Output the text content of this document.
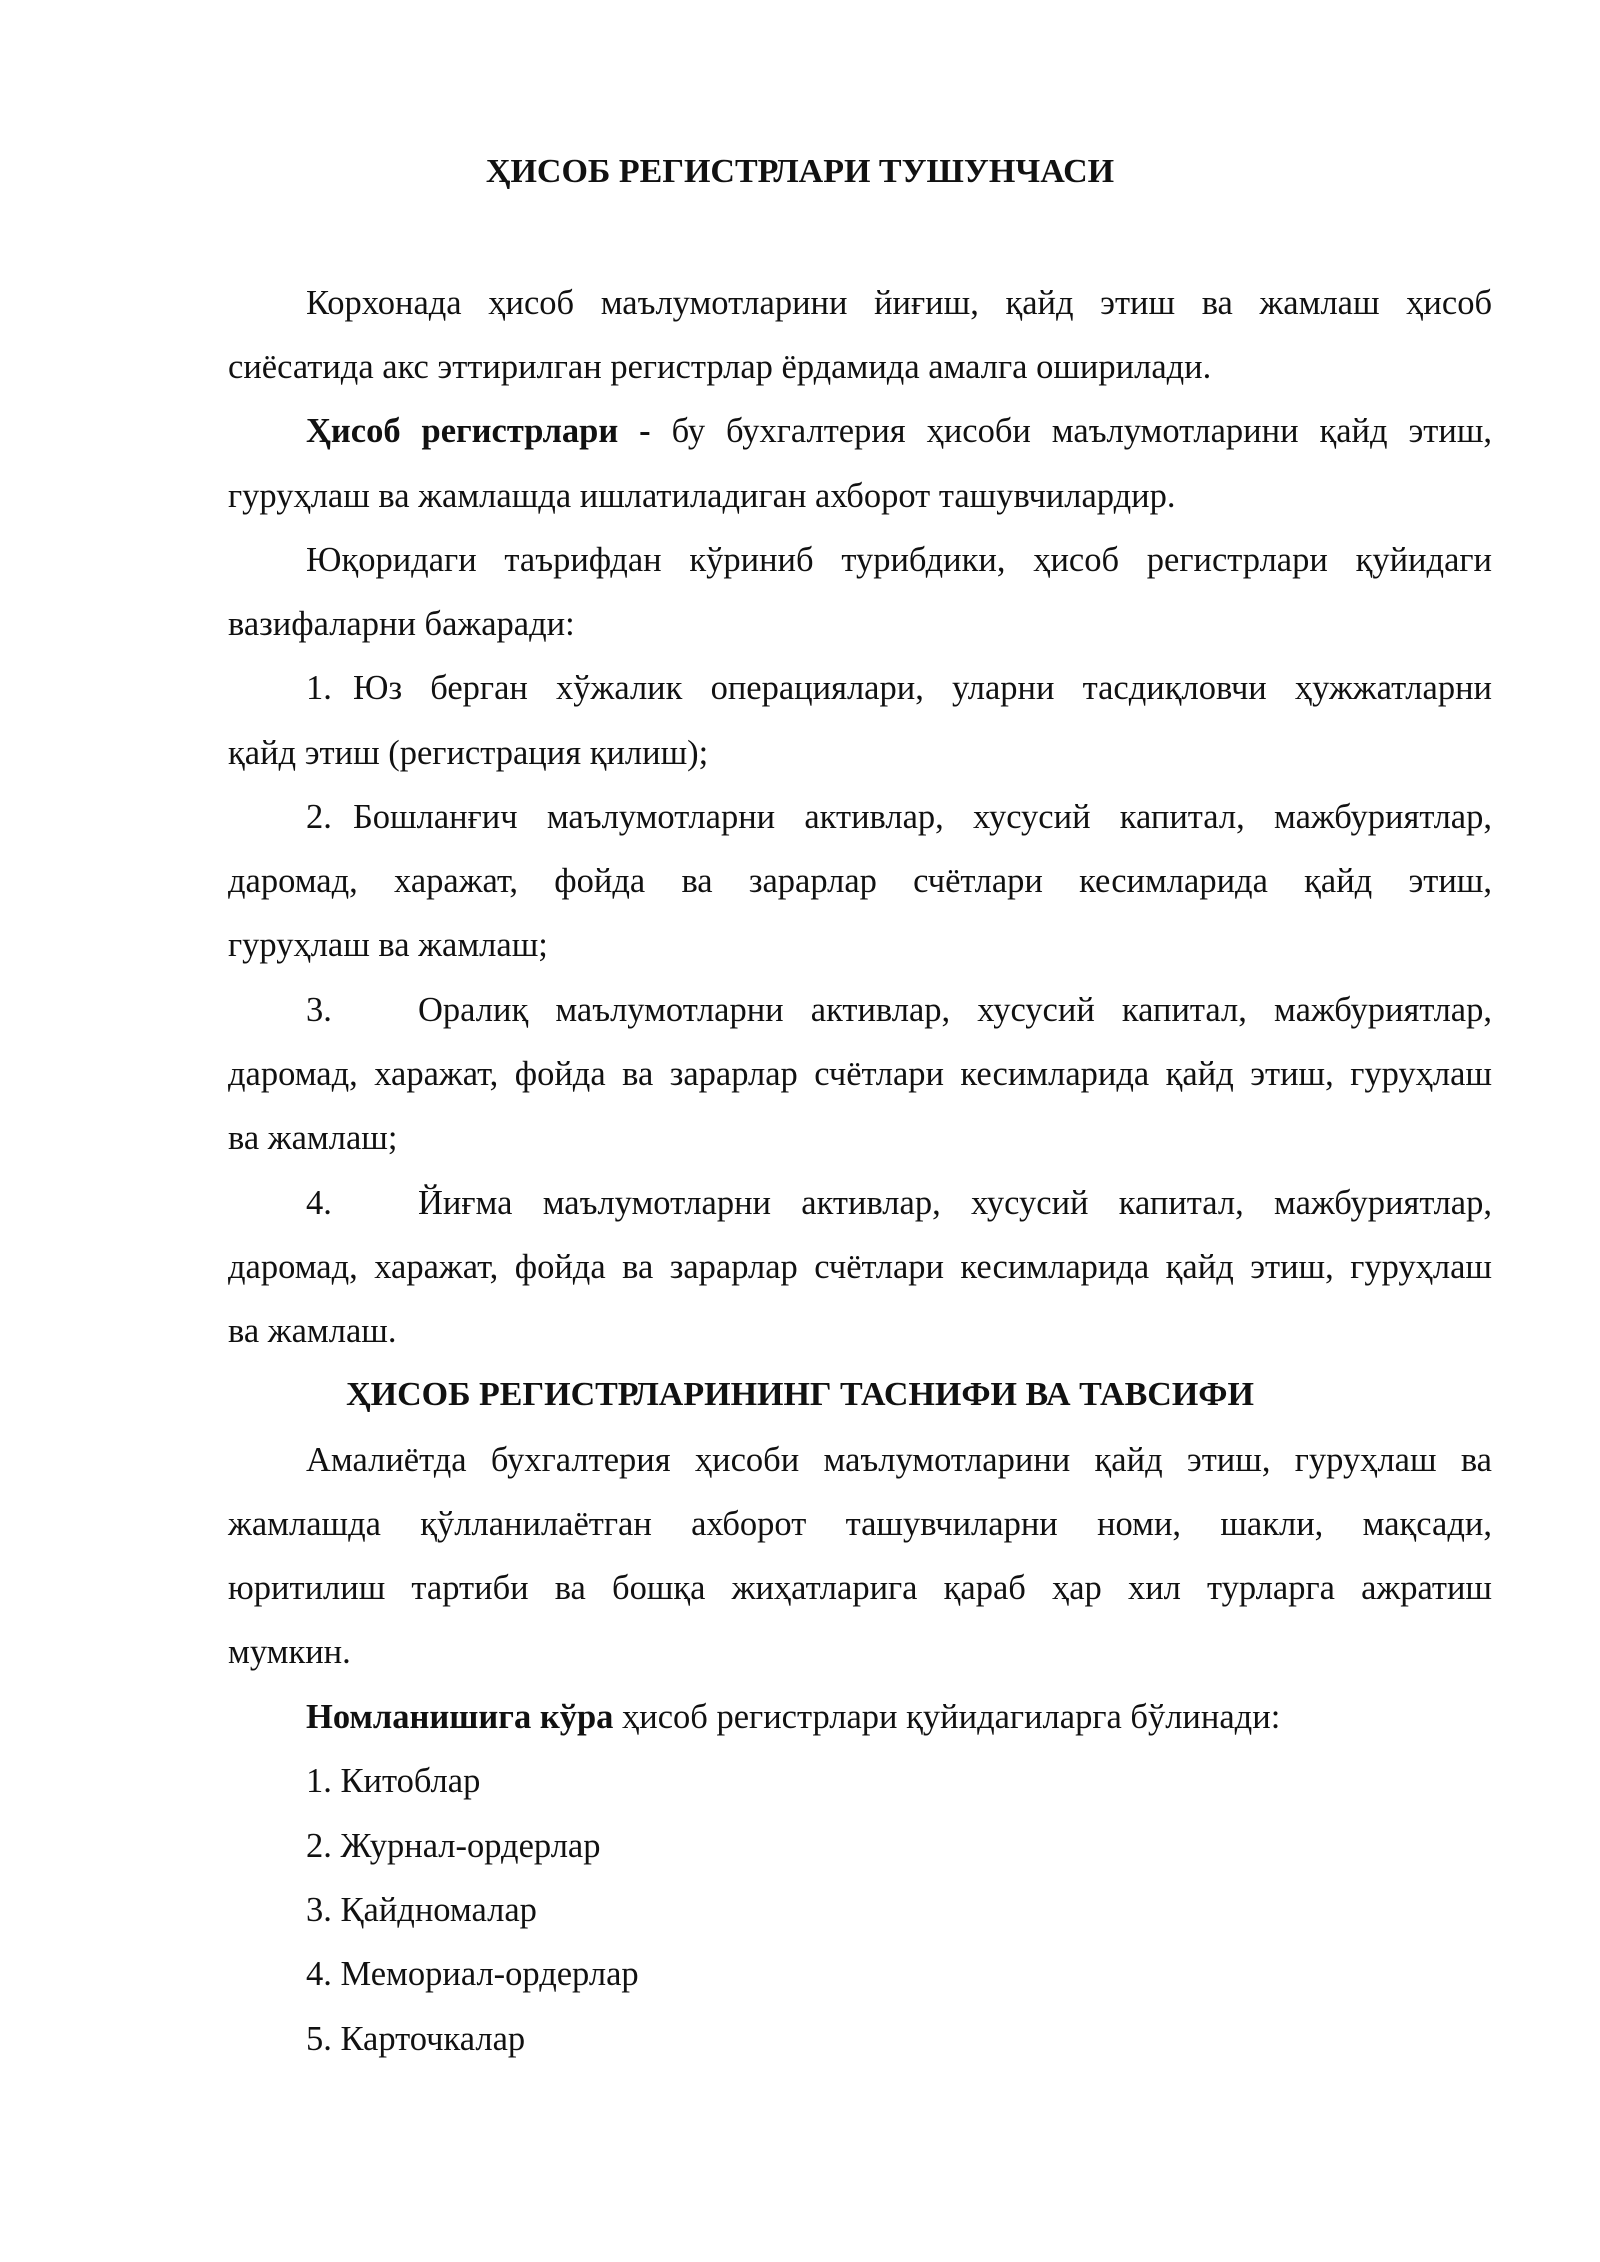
ҲИСОБ РЕГИСТРЛАРИ ТУШУНЧАСИ
Корхонада ҳисоб маълумотларини йиғиш, қайд этиш ва жамлаш ҳисоб
сиёсатида акс эттирилган регистрлар ёрдамида амалга оширилади.
Ҳисоб регистрлари - бу бухгалтерия ҳисоби маълумотларини қайд этиш,
гуруҳлаш ва жамлашда ишлатиладиган ахборот ташувчилардир.
Юқоридаги таърифдан кўриниб турибдики, ҳисоб регистрлари қуйидаги
вазифаларни бажаради:
1. Юз берган хўжалик операциялари, уларни тасдиқловчи ҳужжатларни
қайд этиш (регистрация қилиш);
2. Бошланғич маълумотларни активлар, хусусий капитал, мажбуриятлар,
даромад, харажат, фойда ва зарарлар счётлари кесимларида қайд этиш,
гуруҳлаш ва жамлаш;
3. Оралиқ маълумотларни активлар, хусусий капитал, мажбуриятлар,
даромад, харажат, фойда ва зарарлар счётлари кесимларида қайд этиш, гуруҳлаш
ва жамлаш;
4. Йиғма маълумотларни активлар, хусусий капитал, мажбуриятлар,
даромад, харажат, фойда ва зарарлар счётлари кесимларида қайд этиш, гуруҳлаш
ва жамлаш.
ҲИСОБ РЕГИСТРЛАРИНИНГ ТАСНИФИ ВА ТАВСИФИ
Амалиётда бухгалтерия ҳисоби маълумотларини қайд этиш, гуруҳлаш ва
жамлашда қўлланилаётган ахборот ташувчиларни номи, шакли, мақсади,
юритилиш тартиби ва бошқа жиҳатларига қараб ҳар хил турларга ажратиш
мумкин.
Номланишига кўра ҳисоб регистрлари қуйидагиларга бўлинади:
1. Китоблар
2. Журнал-ордерлар
3. Қайдномалар
4. Мемориал-ордерлар
5. Карточкалар
